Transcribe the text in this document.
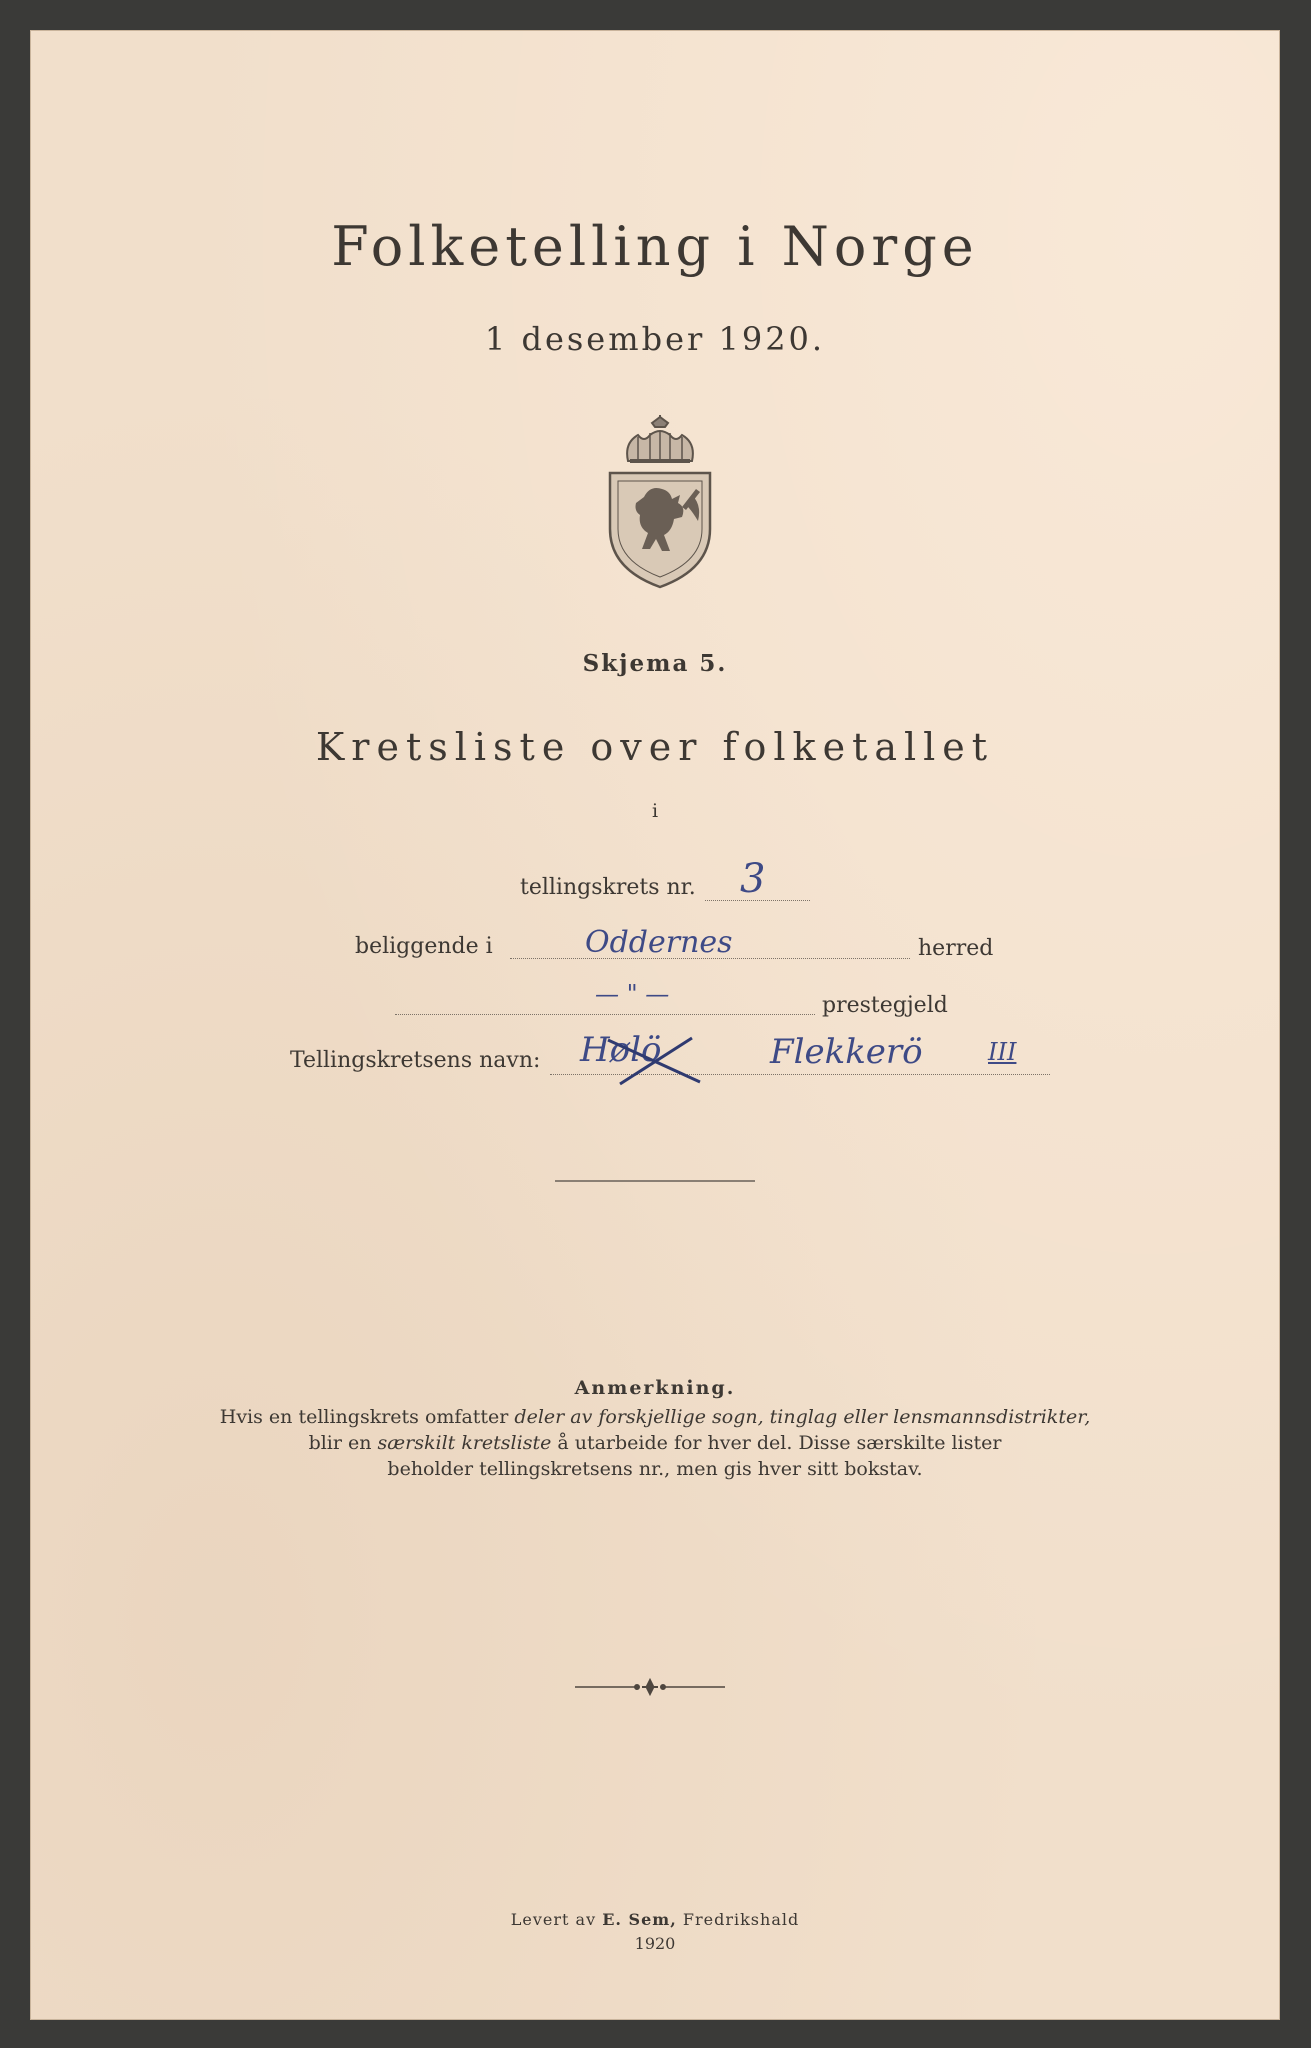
Folketelling i Norge
1 desember 1920.
Skjema 5.
Kretsliste over folketallet
i
tellingskrets nr. 3
beliggende i	Oddernes	herred
— " —	prestegjeld
Tellingskretsens navn: Hølö	Flekkerö	III
Anmerkning.
Hvis en tellingskrets omfatter deler av forskjellige sogn, tinglag eller lensmannsdistrikter,
blir en særskilt kretsliste å utarbeide for hver del. Disse særskilte lister
beholder tellingskretsens nr., men gis hver sitt bokstav.
Levert av E. Sem, Fredrikshald
1920
